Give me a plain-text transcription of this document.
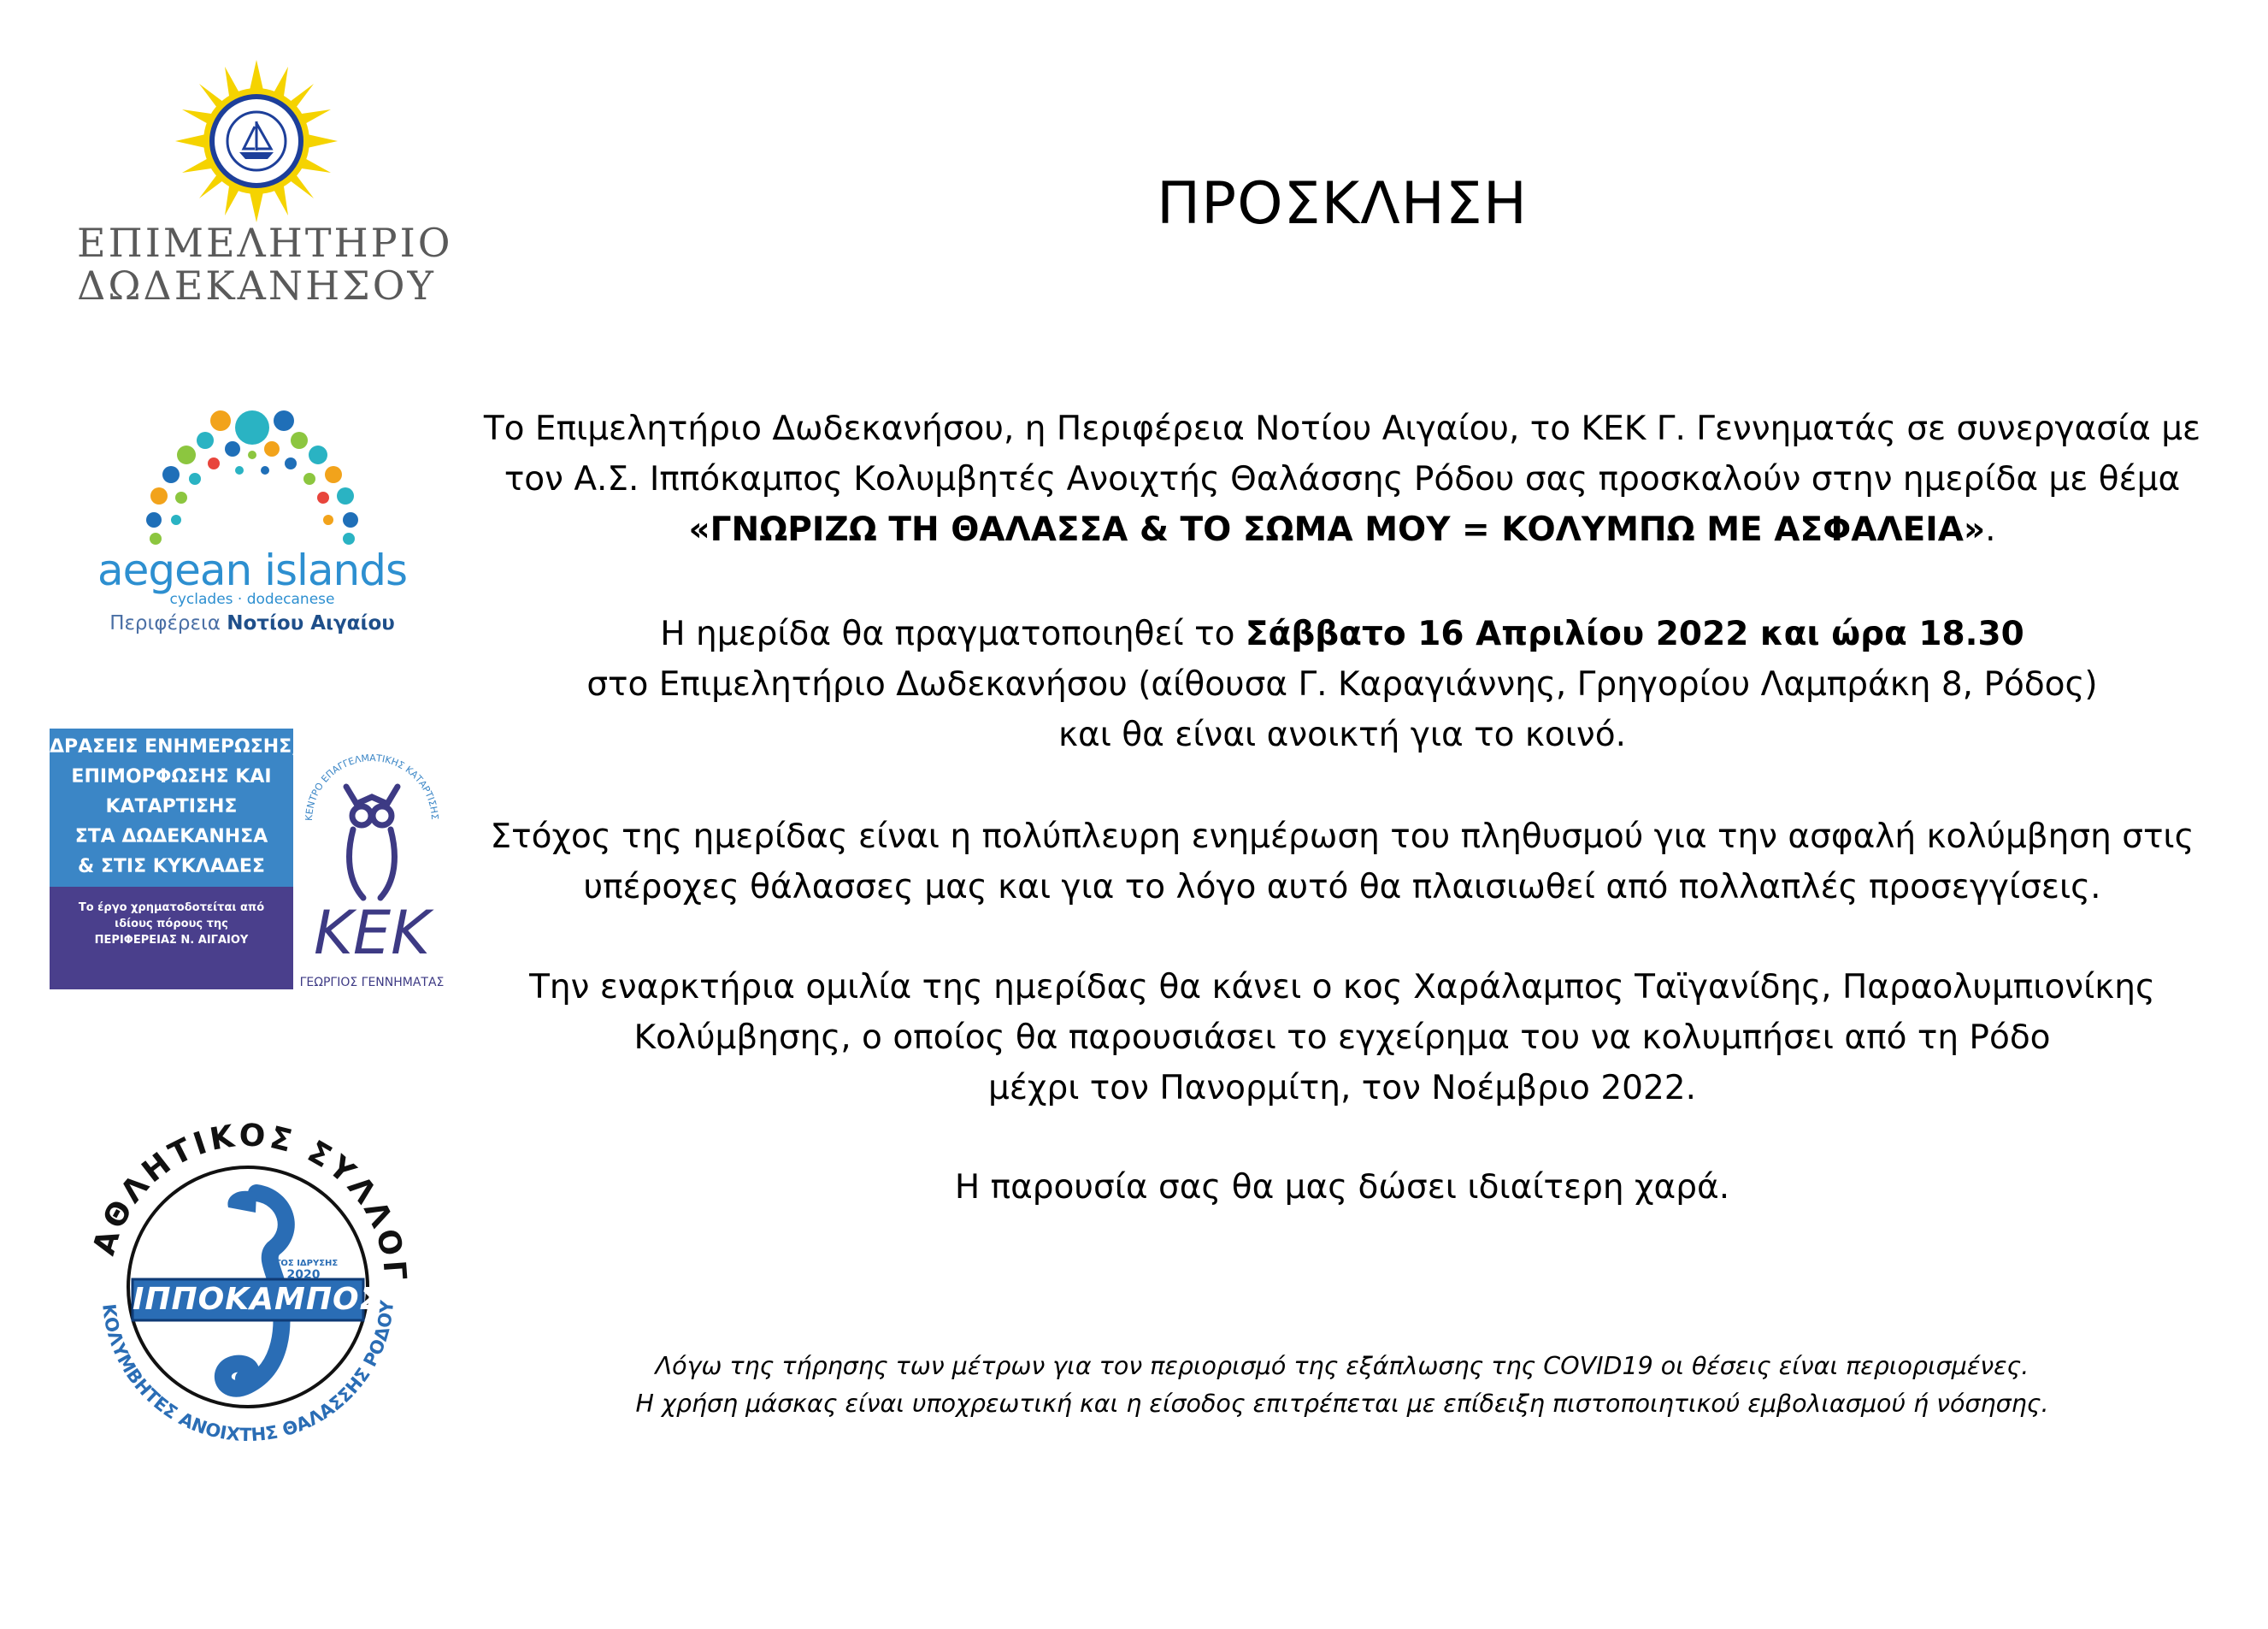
ΕΠΙΜΕΛΗΤΗΡΙΟ
ΔΩΔΕΚΑΝΗΣΟΥ
aegean islands
cyclades · dodecanese
Περιφέρεια Νοτίου Αιγαίου
ΔΡΑΣΕΙΣ ΕΝΗΜΕΡΩΣΗΣ,
ΕΠΙΜΟΡΦΩΣΗΣ ΚΑΙ
ΚΑΤΑΡΤΙΣΗΣ
ΣΤΑ ΔΩΔΕΚΑΝΗΣΑ
& ΣΤΙΣ ΚΥΚΛΑΔΕΣ
Το έργο χρηματοδοτείται από
ιδίους πόρους της
ΠΕΡΙΦΕΡΕΙΑΣ Ν. ΑΙΓΑΙΟΥ
ΚΕΝΤΡΟ ΕΠΑΓΓΕΛΜΑΤΙΚΗΣ ΚΑΤΑΡΤΙΣΗΣ
ΚΕΚ
ΓΕΩΡΓΙΟΣ ΓΕΝΝΗΜΑΤΑΣ
ΑΘΛΗΤΙΚΟΣ ΣΥΛΛΟΓ
ΚΟΛΥΜΒΗΤΕΣ ΑΝΟΙΧΤΗΣ ΘΑΛΑΣΣΗΣ ΡΟΔΟΥ
ΙΠΠΟΚΑΜΠΟΣ
ΕΤΟΣ ΙΔΡΥΣΗΣ
2020
ΠΡΟΣΚΛΗΣΗ
Το Επιμελητήριο Δωδεκανήσου, η Περιφέρεια Νοτίου Αιγαίου, το ΚΕΚ Γ. Γεννηματάς σε συνεργασία με
τον Α.Σ. Ιππόκαμπος Κολυμβητές Ανοιχτής Θαλάσσης Ρόδου σας προσκαλούν στην ημερίδα με θέμα
«ΓΝΩΡΙΖΩ ΤΗ ΘΑΛΑΣΣΑ & ΤΟ ΣΩΜΑ ΜΟΥ = ΚΟΛΥΜΠΩ ΜΕ ΑΣΦΑΛΕΙΑ».
Η ημερίδα θα πραγματοποιηθεί το Σάββατο 16 Απριλίου 2022 και ώρα 18.30
στο Επιμελητήριο Δωδεκανήσου (αίθουσα Γ. Καραγιάννης, Γρηγορίου Λαμπράκη 8, Ρόδος)
και θα είναι ανοικτή για το κοινό.
Στόχος της ημερίδας είναι η πολύπλευρη ενημέρωση του πληθυσμού για την ασφαλή κολύμβηση στις
υπέροχες θάλασσες μας και για το λόγο αυτό θα πλαισιωθεί από πολλαπλές προσεγγίσεις.
Την εναρκτήρια ομιλία της ημερίδας θα κάνει ο κος Χαράλαμπος Ταϊγανίδης, Παραολυμπιονίκης
Κολύμβησης, ο οποίος θα παρουσιάσει το εγχείρημα του να κολυμπήσει από τη Ρόδο
μέχρι τον Πανορμίτη, τον Νοέμβριο 2022.
Η παρουσία σας θα μας δώσει ιδιαίτερη χαρά.
Λόγω της τήρησης των μέτρων για τον περιορισμό της εξάπλωσης της COVID19 οι θέσεις είναι περιορισμένες.
Η χρήση μάσκας είναι υποχρεωτική και η είσοδος επιτρέπεται με επίδειξη πιστοποιητικού εμβολιασμού ή νόσησης.
